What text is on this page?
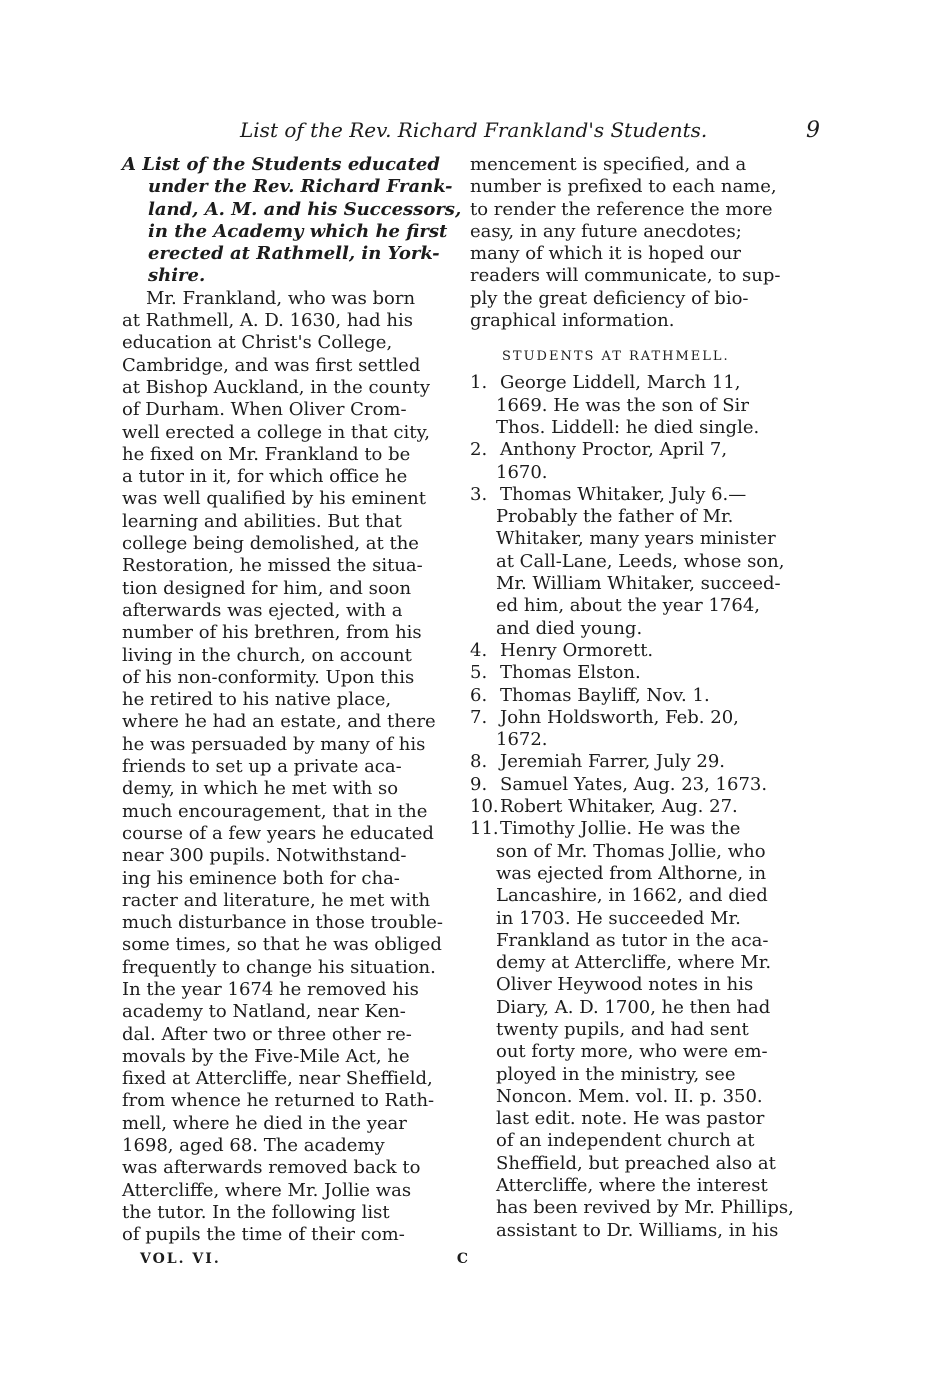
List of the Rev. Richard Frankland's Students.	9
A List of the Students educated
under the Rev. Richard Frank-
land, A. M. and his Successors,
in the Academy which he first
erected at Rathmell, in York-
shire.
Mr. Frankland, who was born
at Rathmell, A. D. 1630, had his
education at Christ's College,
Cambridge, and was first settled
at Bishop Auckland, in the county
of Durham. When Oliver Crom-
well erected a college in that city,
he fixed on Mr. Frankland to be
a tutor in it, for which office he
was well qualified by his eminent
learning and abilities. But that
college being demolished, at the
Restoration, he missed the situa-
tion designed for him, and soon
afterwards was ejected, with a
number of his brethren, from his
living in the church, on account
of his non-conformity. Upon this
he retired to his native place,
where he had an estate, and there
he was persuaded by many of his
friends to set up a private aca-
demy, in which he met with so
much encouragement, that in the
course of a few years he educated
near 300 pupils. Notwithstand-
ing his eminence both for cha-
racter and literature, he met with
much disturbance in those trouble-
some times, so that he was obliged
frequently to change his situation.
In the year 1674 he removed his
academy to Natland, near Ken-
dal. After two or three other re-
movals by the Five-Mile Act, he
fixed at Attercliffe, near Sheffield,
from whence he returned to Rath-
mell, where he died in the year
1698, aged 68. The academy
was afterwards removed back to
Attercliffe, where Mr. Jollie was
the tutor. In the following list
of pupils the time of their com-
mencement is specified, and a
number is prefixed to each name,
to render the reference the more
easy, in any future anecdotes;
many of which it is hoped our
readers will communicate, to sup-
ply the great deficiency of bio-
graphical information.
STUDENTS AT RATHMELL.
1. George Liddell, March 11,
1669. He was the son of Sir
Thos. Liddell: he died single.
2. Anthony Proctor, April 7,
1670.
3. Thomas Whitaker, July 6.—
Probably the father of Mr.
Whitaker, many years minister
at Call-Lane, Leeds, whose son,
Mr. William Whitaker, succeed-
ed him, about the year 1764,
and died young.
4. Henry Ormorett.
5. Thomas Elston.
6. Thomas Bayliff, Nov. 1.
7. John Holdsworth, Feb. 20,
1672.
8. Jeremiah Farrer, July 29.
9. Samuel Yates, Aug. 23, 1673.
10.Robert Whitaker, Aug. 27.
11.Timothy Jollie. He was the
son of Mr. Thomas Jollie, who
was ejected from Althorne, in
Lancashire, in 1662, and died
in 1703. He succeeded Mr.
Frankland as tutor in the aca-
demy at Attercliffe, where Mr.
Oliver Heywood notes in his
Diary, A. D. 1700, he then had
twenty pupils, and had sent
out forty more, who were em-
ployed in the ministry, see
Noncon. Mem. vol. II. p. 350.
last edit. note. He was pastor
of an independent church at
Sheffield, but preached also at
Attercliffe, where the interest
has been revived by Mr. Phillips,
assistant to Dr. Williams, in his
VOL. VI.	C
